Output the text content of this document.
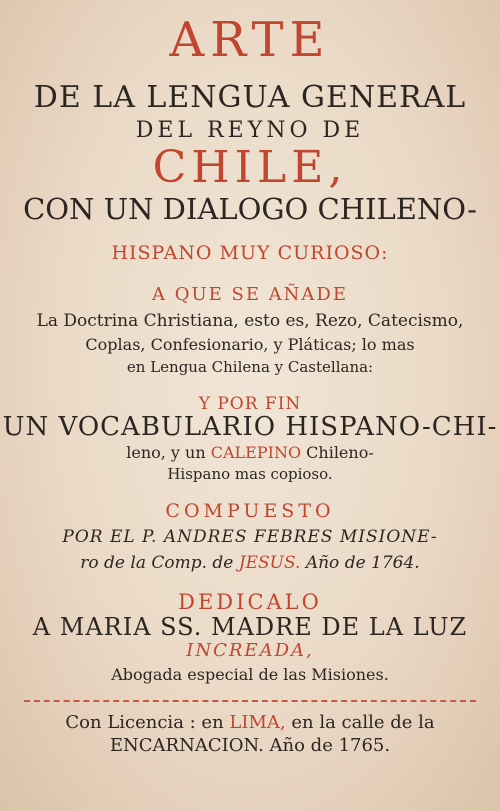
ARTE
DE LA LENGUA GENERAL
DEL REYNO DE
CHILE,
CON UN DIALOGO CHILENO-
HISPANO MUY CURIOSO:
A QUE SE AÑADE
La Doctrina Christiana, esto es, Rezo, Catecismo,
Coplas, Confesionario, y Pláticas; lo mas
en Lengua Chilena y Castellana:
Y POR FIN
UN VOCABULARIO HISPANO-CHI-
leno, y un CALEPINO Chileno-
Hispano mas copioso.
COMPUESTO
POR EL P. ANDRES FEBRES MISIONE-
ro de la Comp. de JESUS. Año de 1764.
DEDICALO
A MARIA SS. MADRE DE LA LUZ
INCREADA,
Abogada especial de las Misiones.
Con Licencia : en LIMA, en la calle de la
ENCARNACION. Año de 1765.
